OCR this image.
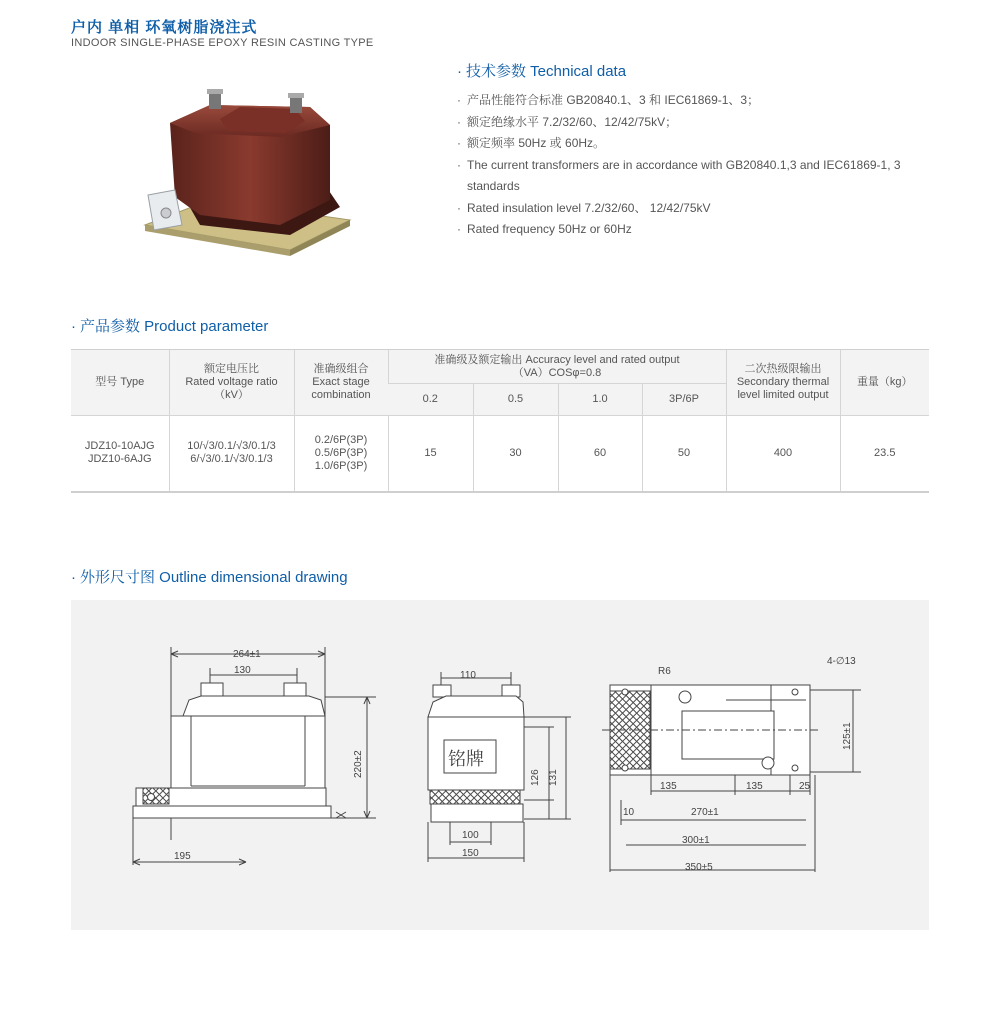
户内 单相 环氧树脂浇注式
INDOOR SINGLE-PHASE EPOXY RESIN CASTING TYPE
· 技术参数 Technical data
· 产品性能符合标准 GB20840.1、3 和 IEC61869-1、3；
· 额定绝缘水平 7.2/32/60、12/42/75kV；
· 额定频率 50Hz 或 60Hz。
· The current transformers are in accordance with GB20840.1,3 and IEC61869-1, 3 standards
· Rated insulation level 7.2/32/60、 12/42/75kV
· Rated frequency 50Hz or 60Hz
· 产品参数 Product parameter
型号 Type	额定电压比
Rated voltage ratio
（kV）	准确级组合
Exact stage
combination	准确级及额定输出 Accuracy level and rated output
（VA）COSφ=0.8				二次热级限输出
Secondary thermal
level limited output	重量（kg）

			0.2	0.5	1.0	3P/6P		

JDZ10-10AJG
JDZ10-6AJG	10/√3/0.1/√3/0.1/3
6/√3/0.1/√3/0.1/3	0.2/6P(3P)
0.5/6P(3P)
1.0/6P(3P)	15	30	60	50	400	23.5
· 外形尺寸图 Outline dimensional drawing
264±1
130
195
220±2
110
铭牌
126 131
100
150
R6
4-∅13
125±1
135	135	25
10	270±1
300±1
350±5
